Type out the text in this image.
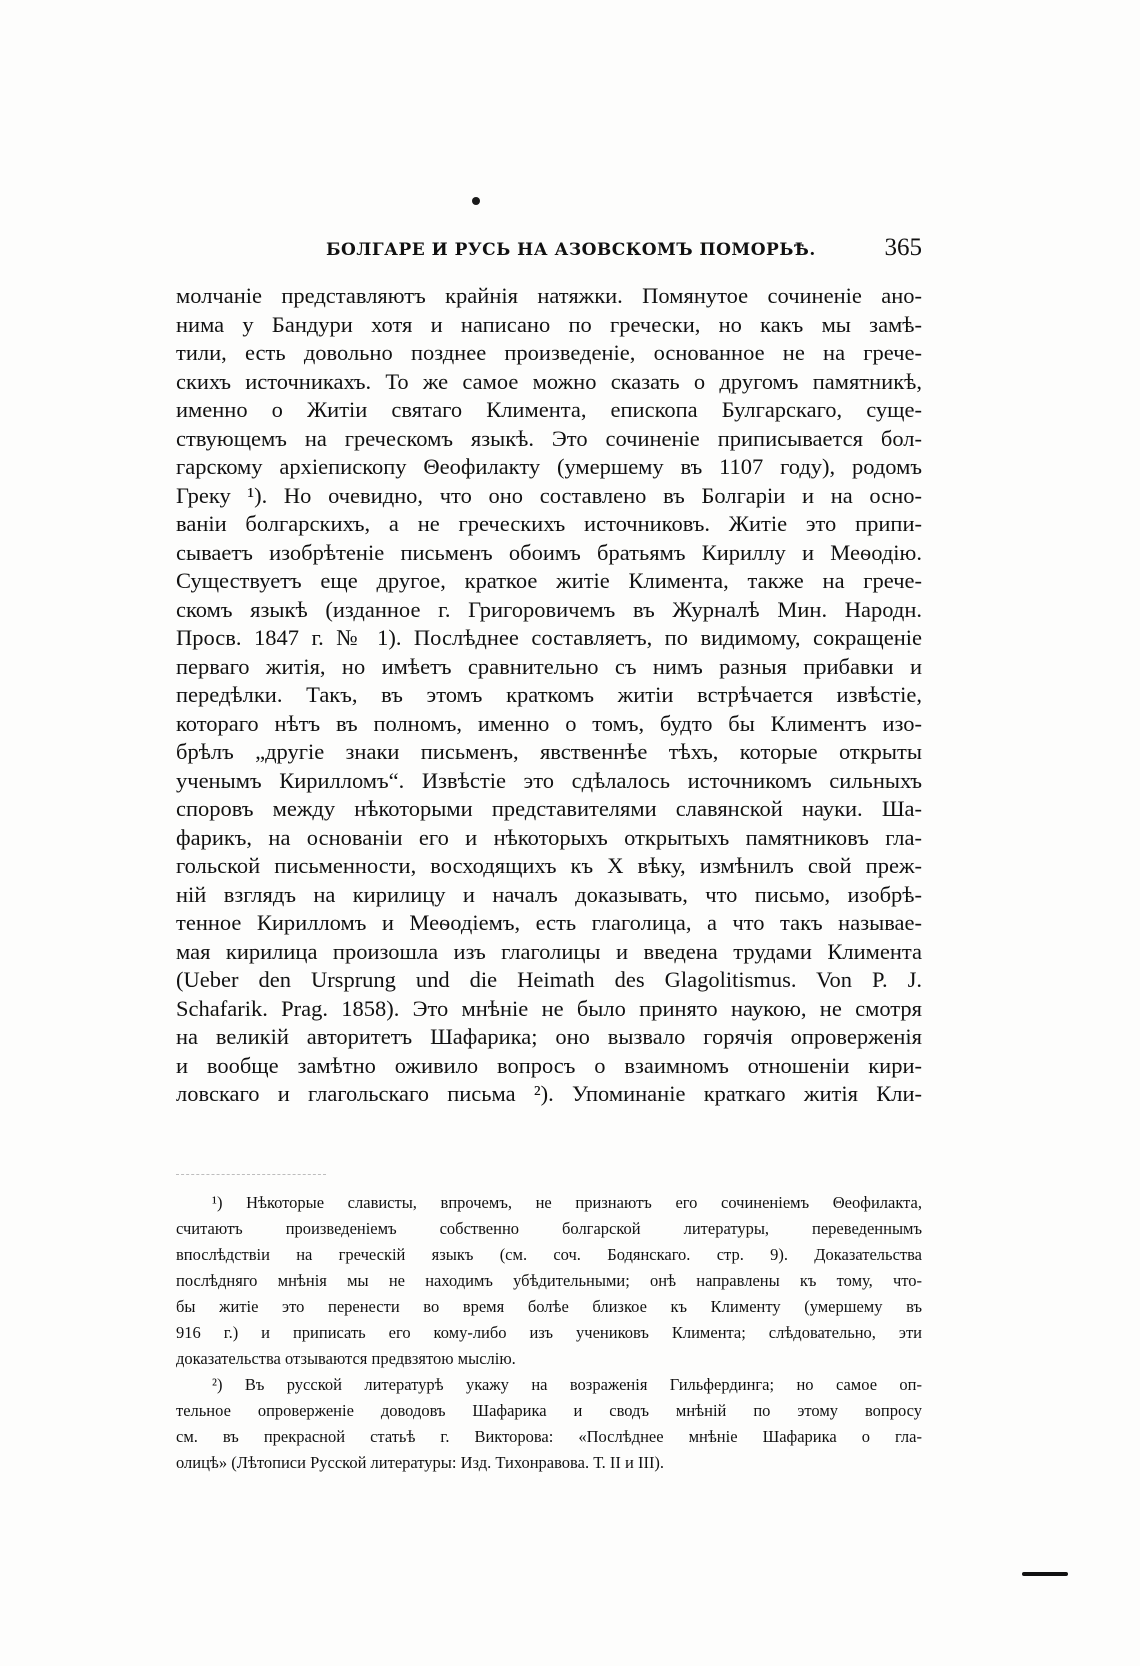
БОЛГАРЕ И РУСЬ НА АЗОВСКОМЪ ПОМОРЬѢ.	365
молчаніе представляютъ крайнія натяжки. Помянутое сочиненіе ано-
нима у Бандури хотя и написано по гречески, но какъ мы замѣ-
тили, есть довольно позднее произведеніе, основанное не на грече-
скихъ источникахъ. То же самое можно сказать о другомъ памятникѣ,
именно о Житіи святаго Климента, епископа Булгарскаго, суще-
ствующемъ на греческомъ языкѣ. Это сочиненіе приписывается бол-
гарскому архіепископу Θеофилакту (умершему въ 1107 году), родомъ
Греку ¹). Но очевидно, что оно составлено въ Болгаріи и на осно-
ваніи болгарскихъ, а не греческихъ источниковъ. Житіе это припи-
сываетъ изобрѣтеніе письменъ обоимъ братьямъ Кириллу и Меѳодію.
Существуетъ еще другое, краткое житіе Климента, также на грече-
скомъ языкѣ (изданное г. Григоровичемъ въ Журналѣ Мин. Народн.
Просв. 1847 г. № 1). Послѣднее составляетъ, по видимому, сокращеніе
перваго житія, но имѣетъ сравнительно съ нимъ разныя прибавки и
передѣлки. Такъ, въ этомъ краткомъ житіи встрѣчается извѣстіе,
котораго нѣтъ въ полномъ, именно о томъ, будто бы Климентъ изо-
брѣлъ „другіе знаки письменъ, явственнѣе тѣхъ, которые открыты
ученымъ Кирилломъ“. Извѣстіе это сдѣлалось источникомъ сильныхъ
споровъ между нѣкоторыми представителями славянской науки. Ша-
фарикъ, на основаніи его и нѣкоторыхъ открытыхъ памятниковъ гла-
гольской письменности, восходящихъ къ X вѣку, измѣнилъ свой преж-
ній взглядъ на кирилицу и началъ доказывать, что письмо, изобрѣ-
тенное Кирилломъ и Меѳодіемъ, есть глаголица, а что такъ называе-
мая кирилица произошла изъ глаголицы и введена трудами Климента
(Ueber den Ursprung und die Heimath des Glagolitismus. Von P. J.
Schafarik. Prag. 1858). Это мнѣніе не было принято наукою, не смотря
на великій авторитетъ Шафарика; оно вызвало горячія опроверженія
и вообще замѣтно оживило вопросъ о взаимномъ отношеніи кири-
ловскаго и глагольскаго письма ²). Упоминаніе краткаго житія Кли-
¹) Нѣкоторые слависты, впрочемъ, не признаютъ его сочиненіемъ Θеофилакта,
считаютъ произведеніемъ собственно болгарской литературы, переведеннымъ
впослѣдствіи на греческій языкъ (см. соч. Бодянскаго. стр. 9). Доказательства
послѣдняго мнѣнія мы не находимъ убѣдительными; онѣ направлены къ тому, что-
бы житіе это перенести во время болѣе близкое къ Клименту (умершему въ
916 г.) и приписать его кому-либо изъ учениковъ Климента; слѣдовательно, эти
доказательства отзываются предвзятою мыслію.
²) Въ русской литературѣ укажу на возраженія Гильфердинга; но самое оп-
тельное опроверженіе доводовъ Шафарика и сводъ мнѣній по этому вопросу
см. въ прекрасной статьѣ г. Викторова: «Послѣднее мнѣніе Шафарика о гла-
олицѣ» (Лѣтописи Русской литературы: Изд. Тихонравова. Т. II и III).
